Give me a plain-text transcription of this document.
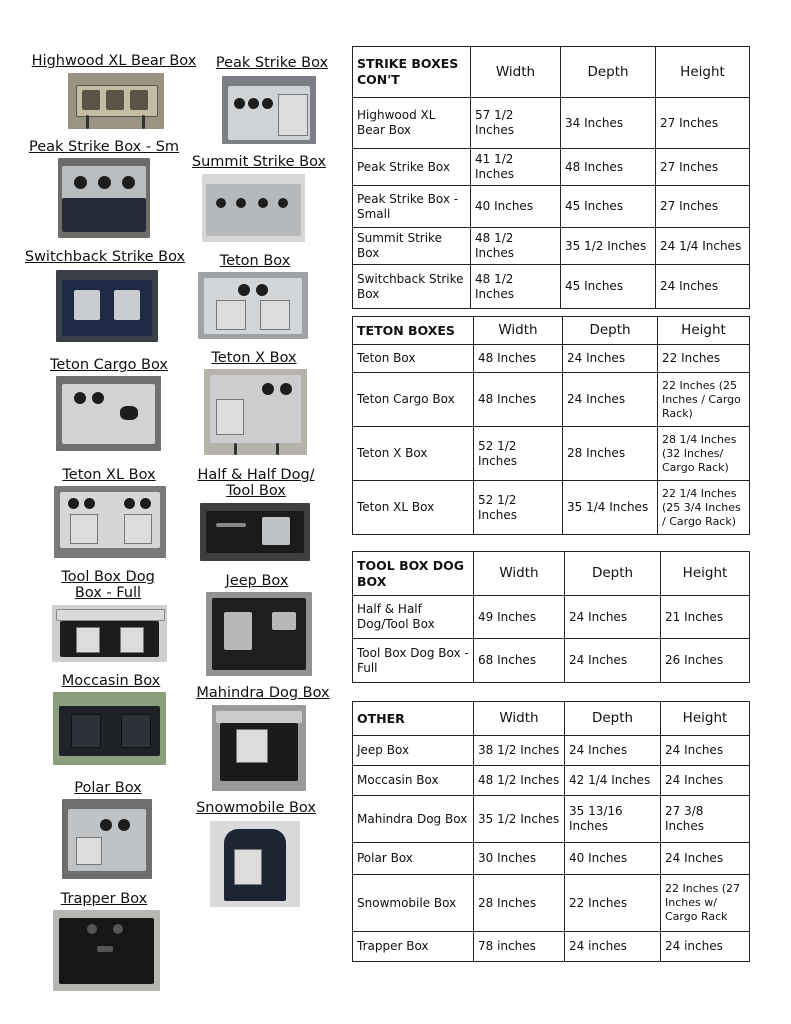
Highwood XL Bear Box Peak Strike Box
Peak Strike Box - Sm
Summit Strike Box
Switchback Strike Box	Teton Box
Teton Cargo Box	Teton X Box
Teton XL Box	Half & Half Dog/ Tool Box
Tool Box Dog Box - Full
Jeep Box
Moccasin Box
Mahindra Dog Box
Polar Box
Snowmobile Box
Trapper Box
STRIKE BOXES CON'T	Width	Depth	Height
Highwood XL Bear Box	57 1/2 Inches	34 Inches	27 Inches
Peak Strike Box	41 1/2 Inches	48 Inches	27 Inches
Peak Strike Box - Small	40 Inches	45 Inches	27 Inches
Summit Strike Box	48 1/2 Inches	35 1/2 Inches	24 1/4 Inches
Switchback Strike Box	48 1/2 Inches	45 Inches	24 Inches
TETON BOXES	Width	Depth	Height
Teton Box	48 Inches	24 Inches	22 Inches
Teton Cargo Box	48 Inches	24 Inches	22 Inches (25 Inches / Cargo Rack)
Teton X Box	52 1/2 Inches	28 Inches	28 1/4 Inches (32 Inches/ Cargo Rack)
Teton XL Box	52 1/2 Inches	35 1/4 Inches	22 1/4 Inches (25 3/4 Inches / Cargo Rack)
TOOL BOX DOG BOX	Width	Depth	Height
Half & Half Dog/Tool Box	49 Inches	24 Inches	21 Inches
Tool Box Dog Box - Full	68 Inches	24 Inches	26 Inches
OTHER	Width	Depth	Height
Jeep Box	38 1/2 Inches	24 Inches	24 Inches
Moccasin Box	48 1/2 Inches	42 1/4 Inches	24 Inches
Mahindra Dog Box	35 1/2 Inches	35 13/16 Inches	27 3/8 Inches
Polar Box	30 Inches	40 Inches	24 Inches
Snowmobile Box	28 Inches	22 Inches	22 Inches (27 Inches w/ Cargo Rack
Trapper Box	78 inches	24 inches	24 inches
